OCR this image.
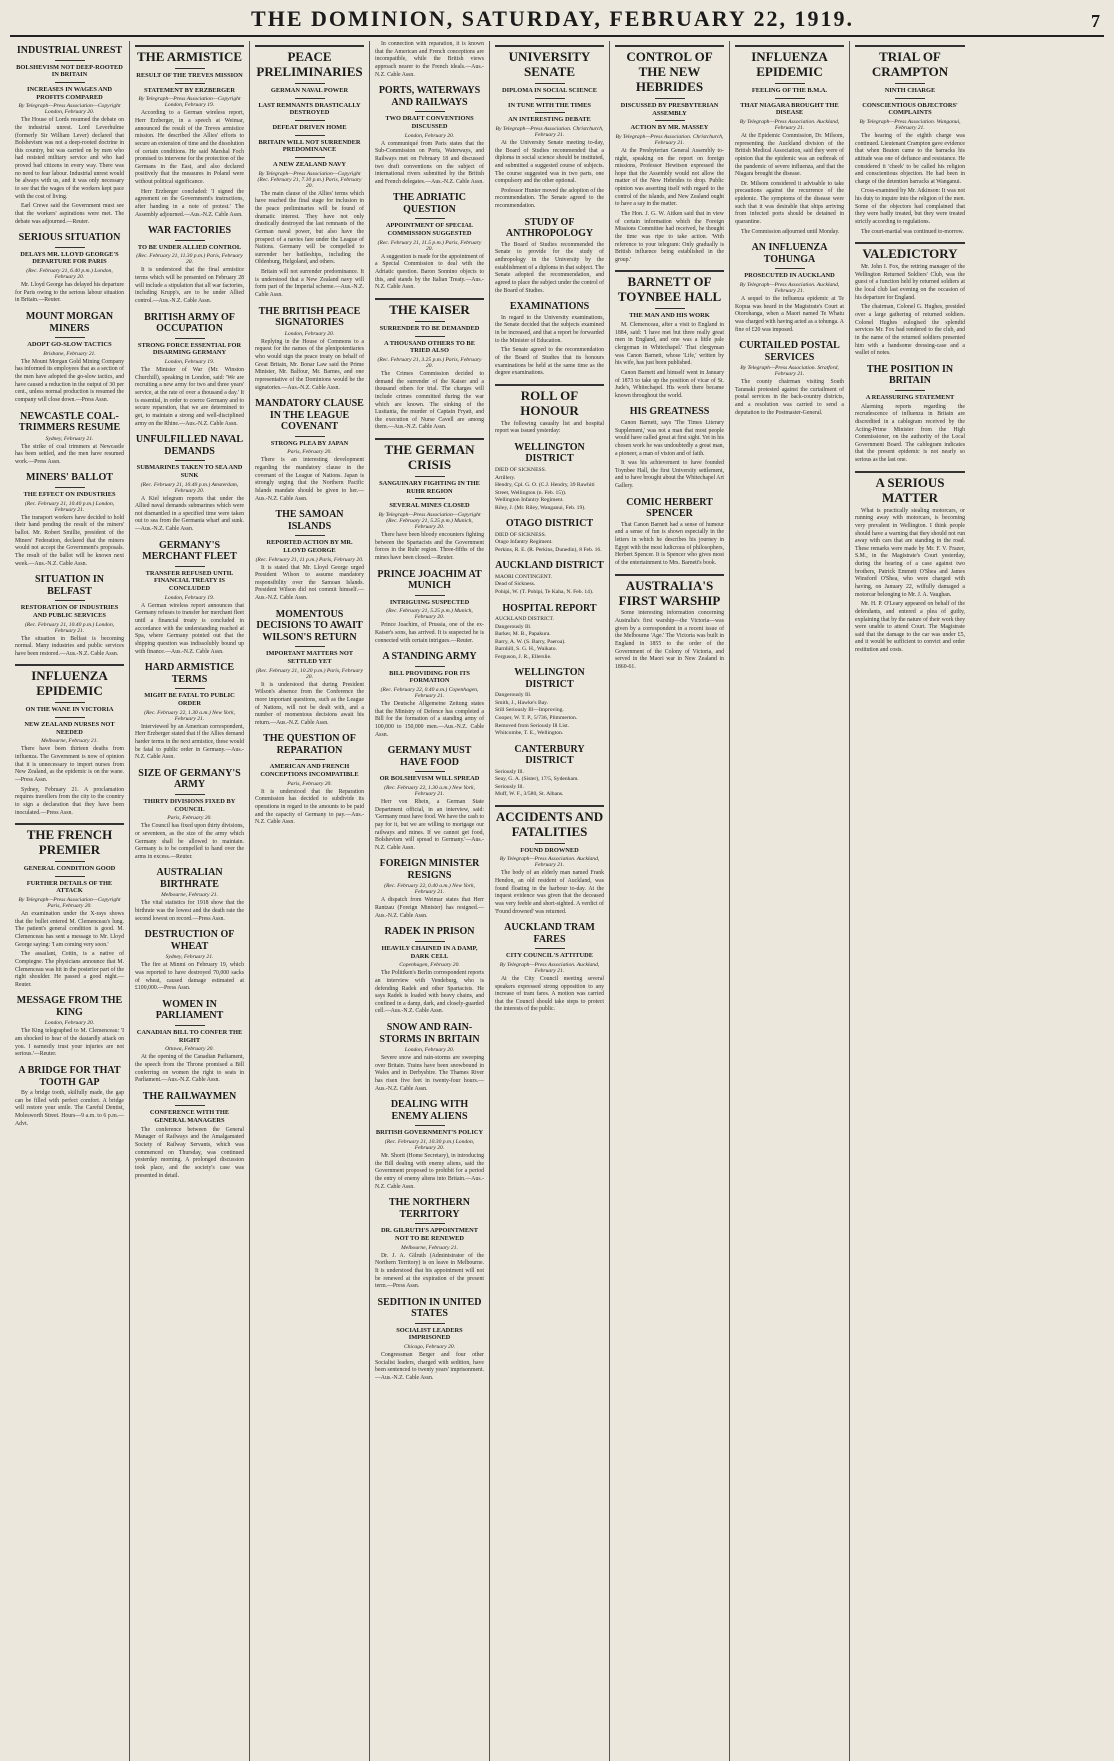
THE DOMINION, SATURDAY, FEBRUARY 22, 1919.	7
INDUSTRIAL UNREST
BOLSHEVISM NOT DEEP-ROOTED IN BRITAIN
INCREASES IN WAGES AND PROFITS COMPARED
By Telegraph—Press Association—Copyright London, February 20.

The House of Lords resumed the debate on the industrial unrest. Lord Leverhulme (formerly Sir William Lever) declared that Bolshevism was not a deep-rooted doctrine in this country, but was carried on by men who had resisted military service and who had proved bad citizens in every way. There was no need to fear labour. Industrial unrest would be always with us, and it was only necessary to see that the wages of the workers kept pace with the cost of living.

Earl Crewe said the Government must see that the workers' aspirations were met. The debate was adjourned.—Reuter.

SERIOUS SITUATION
DELAYS MR. LLOYD GEORGE'S DEPARTURE FOR PARIS
(Rec. February 21, 6.40 p.m.) London, February 20.

Mr. Lloyd George has delayed his departure for Paris owing to the serious labour situation in Britain.—Reuter.

MOUNT MORGAN MINERS
ADOPT GO-SLOW TACTICS
Brisbane, February 21.

The Mount Morgan Gold Mining Company has informed its employees that as a section of the men have adopted the go-slow tactics, and have caused a reduction in the output of 30 per cent., unless normal production is resumed the company will close down.—Press Assn.

NEWCASTLE COAL-TRIMMERS RESUME
Sydney, February 21.

The strike of coal trimmers at Newcastle has been settled, and the men have resumed work.—Press Assn.

MINERS' BALLOT
THE EFFECT ON INDUSTRIES
(Rec. February 21, 10.40 p.m.) London, February 21.

The transport workers have decided to hold their hand pending the result of the miners' ballot. Mr. Robert Smillie, president of the Miners' Federation, declared that the miners would not accept the Government's proposals. The result of the ballot will be known next week.—Aus.-N.Z. Cable Assn.

SITUATION IN BELFAST
RESTORATION OF INDUSTRIES AND PUBLIC SERVICES
(Rec. February 21, 10.40 p.m.) London, February 21.

The situation in Belfast is becoming normal. Many industries and public services have been restored.—Aus.-N.Z. Cable Assn.

INFLUENZA EPIDEMIC
ON THE WANE IN VICTORIA
NEW ZEALAND NURSES NOT NEEDED
Melbourne, February 21.

There have been thirteen deaths from influenza. The Government is now of opinion that it is unnecessary to import nurses from New Zealand, as the epidemic is on the wane.—Press Assn.

Sydney, February 21. A proclamation requires travellers from the city to the country to sign a declaration that they have been inoculated.—Press Assn.

THE FRENCH PREMIER
GENERAL CONDITION GOOD
FURTHER DETAILS OF THE ATTACK
By Telegraph—Press Association—Copyright Paris, February 20.

An examination under the X-rays shows that the bullet entered M. Clemenceau's lung. The patient's general condition is good. M. Clemenceau has sent a message to Mr. Lloyd George saying: 'I am coming very soon.'

The assailant, Cottin, is a native of Compiegne. The physicians announce that M. Clemenceau was hit in the posterior part of the right shoulder. He passed a good night.—Reuter.

MESSAGE FROM THE KING
London, February 20.

The King telegraphed to M. Clemenceau: 'I am shocked to hear of the dastardly attack on you. I earnestly trust your injuries are not serious.'—Reuter.

A BRIDGE FOR THAT TOOTH GAP

By a bridge tooth, skilfully made, the gap can be filled with perfect comfort. A bridge will restore your smile. The Careful Dentist, Molesworth Street. Hours—9 a.m. to 6 p.m.—Advt.

THE ARMISTICE
RESULT OF THE TREVES MISSION
STATEMENT BY ERZBERGER
By Telegraph—Press Association—Copyright London, February 19.

According to a German wireless report, Herr Erzberger, in a speech at Weimar, announced the result of the Treves armistice mission. He described the Allies' efforts to secure an extension of time and the dissolution of certain conditions. He said Marshal Foch promised to intervene for the protection of the Germans in the East, and also declared positively that the measures in Poland were without political significance.

Herr Erzberger concluded: 'I signed the agreement on the Government's instructions, after handing in a note of protest.' The Assembly adjourned.—Aus.-N.Z. Cable Assn.

WAR FACTORIES
TO BE UNDER ALLIED CONTROL
(Rec. February 21, 11.30 p.m.) Paris, February 20.

It is understood that the final armistice terms which will be presented on February 28 will include a stipulation that all war factories, including Krupp's, are to be under Allied control.—Aus.-N.Z. Cable Assn.

BRITISH ARMY OF OCCUPATION
STRONG FORCE ESSENTIAL FOR DISARMING GERMANY
London, February 19.

The Minister of War (Mr. Winston Churchill), speaking in London, said: 'We are recruiting a new army for two and three years' service, at the rate of over a thousand a day.' It is essential, in order to coerce Germany and to secure reparation, that we are determined to get, to maintain a strong and well-disciplined army on the Rhine.—Aus.-N.Z. Cable Assn.

UNFULFILLED NAVAL DEMANDS
SUBMARINES TAKEN TO SEA AND SUNK
(Rec. February 21, 10.40 p.m.) Amsterdam, February 20.

A Kiel telegram reports that under the Allied naval demands submarines which were not dismantled in a specified time were taken out to sea from the Germania wharf and sunk.—Aus.-N.Z. Cable Assn.

GERMANY'S MERCHANT FLEET
TRANSFER REFUSED UNTIL FINANCIAL TREATY IS CONCLUDED
London, February 19.

A German wireless report announces that Germany refuses to transfer her merchant fleet until a financial treaty is concluded in accordance with the understanding reached at Spa, where Germany pointed out that the shipping question was indissolubly bound up with finance.—Aus.-N.Z. Cable Assn.

HARD ARMISTICE TERMS
MIGHT BE FATAL TO PUBLIC ORDER
(Rec. February 22, 1.30 a.m.) New York, February 21.

Interviewed by an American correspondent, Herr Erzberger stated that if the Allies demand harder terms in the next armistice, these would be fatal to public order in Germany.—Aus.-N.Z. Cable Assn.

SIZE OF GERMANY'S ARMY
THIRTY DIVISIONS FIXED BY COUNCIL
Paris, February 20.

The Council has fixed upon thirty divisions, or seventeen, as the size of the army which Germany shall be allowed to maintain. Germany is to be compelled to hand over the arms in excess.—Reuter.

AUSTRALIAN BIRTHRATE
Melbourne, February 21.

The vital statistics for 1918 show that the birthrate was the lowest and the death rate the second lowest on record.—Press Assn.

DESTRUCTION OF WHEAT
Sydney, February 21.

The fire at Minmi on February 19, which was reported to have destroyed 70,000 sacks of wheat, caused damage estimated at £100,000.—Press Assn.

WOMEN IN PARLIAMENT
CANADIAN BILL TO CONFER THE RIGHT
Ottawa, February 20.

At the opening of the Canadian Parliament, the speech from the Throne promised a Bill conferring on women the right to seats in Parliament.—Aus.-N.Z. Cable Assn.

THE RAILWAYMEN
CONFERENCE WITH THE GENERAL MANAGERS

The conference between the General Manager of Railways and the Amalgamated Society of Railway Servants, which was commenced on Thursday, was continued yesterday morning. A prolonged discussion took place, and the society's case was presented in detail.

PEACE PRELIMINARIES
GERMAN NAVAL POWER
LAST REMNANTS DRASTICALLY DESTROYED
DEFEAT DRIVEN HOME
BRITAIN WILL NOT SURRENDER PREDOMINANCE
A NEW ZEALAND NAVY
By Telegraph—Press Association—Copyright (Rec. February 21, 7.10 p.m.) Paris, February 20.

The main clause of the Allies' terms which have reached the final stage for inclusion in the peace preliminaries will be found of dramatic interest. They have not only drastically destroyed the last remnants of the German naval power, but also have the prospect of a navies fare under the League of Nations. Germany will be compelled to surrender her battleships, including the Oldenburg, Helgoland, and others.

Britain will not surrender predominance. It is understood that a New Zealand navy will form part of the Imperial scheme.—Aus.-N.Z. Cable Assn.

THE BRITISH PEACE SIGNATORIES
London, February 20.

Replying in the House of Commons to a request for the names of the plenipotentiaries who would sign the peace treaty on behalf of Great Britain, Mr. Bonar Law said the Prime Minister, Mr. Balfour, Mr. Barnes, and one representative of the Dominions would be the signatories.—Aus.-N.Z. Cable Assn.

MANDATORY CLAUSE IN THE LEAGUE COVENANT
STRONG PLEA BY JAPAN
Paris, February 20.

There is an interesting development regarding the mandatory clause in the covenant of the League of Nations. Japan is strongly urging that the Northern Pacific Islands mandate should be given to her.—Aus.-N.Z. Cable Assn.

THE SAMOAN ISLANDS
REPORTED ACTION BY MR. LLOYD GEORGE
(Rec. February 21, 11 p.m.) Paris, February 20.

It is stated that Mr. Lloyd George urged President Wilson to assume mandatory responsibility over the Samoan Islands. President Wilson did not commit himself.—Aus.-N.Z. Cable Assn.

MOMENTOUS DECISIONS TO AWAIT WILSON'S RETURN
IMPORTANT MATTERS NOT SETTLED YET
(Rec. February 21, 10.20 p.m.) Paris, February 20.

It is understood that during President Wilson's absence from the Conference the more important questions, such as the League of Nations, will not be dealt with, and a number of momentous decisions await his return.—Aus.-N.Z. Cable Assn.

THE QUESTION OF REPARATION
AMERICAN AND FRENCH CONCEPTIONS INCOMPATIBLE
Paris, February 20.

It is understood that the Reparation Commission has decided to subdivide its operations in regard to the amounts to be paid and the capacity of Germany to pay.—Aus.-N.Z. Cable Assn.

In connection with reparation, it is known that the American and French conceptions are incompatible, while the British views approach nearer to the French ideals.—Aus.-N.Z. Cable Assn.

PORTS, WATERWAYS AND RAILWAYS
TWO DRAFT CONVENTIONS DISCUSSED
London, February 20.

A communiqué from Paris states that the Sub-Commission on Ports, Waterways, and Railways met on February 18 and discussed two draft conventions on the subject of international rivers submitted by the British and French delegates.—Aus.-N.Z. Cable Assn.

THE ADRIATIC QUESTION
APPOINTMENT OF SPECIAL COMMISSION SUGGESTED
(Rec. February 21, 11.5 p.m.) Paris, February 20.

A suggestion is made for the appointment of a Special Commission to deal with the Adriatic question. Baron Sonnino objects to this, and stands by the Italian Treaty.—Aus.-N.Z. Cable Assn.

THE KAISER
SURRENDER TO BE DEMANDED
A THOUSAND OTHERS TO BE TRIED ALSO
(Rec. February 21, 3.25 p.m.) Paris, February 20.

The Crimes Commission decided to demand the surrender of the Kaiser and a thousand others for trial. The charges will include crimes committed during the war which are known. The sinking of the Lusitania, the murder of Captain Fryatt, and the execution of Nurse Cavell are among them.—Aus.-N.Z. Cable Assn.

THE GERMAN CRISIS
SANGUINARY FIGHTING IN THE RUHR REGION
SEVERAL MINES CLOSED
By Telegraph—Press Association—Copyright (Rec. February 21, 5.25 p.m.) Munich, February 20.

There have been bloody encounters fighting between the Spartacists and the Government forces in the Ruhr region. Three-fifths of the mines have been closed.—Reuter.

PRINCE JOACHIM AT MUNICH
INTRIGUING SUSPECTED
(Rec. February 21, 5.25 p.m.) Munich, February 20.

Prince Joachim, of Prussia, one of the ex-Kaiser's sons, has arrived. It is suspected he is connected with certain intrigues.—Reuter.

A STANDING ARMY
BILL PROVIDING FOR ITS FORMATION
(Rec. February 22, 0.40 a.m.) Copenhagen, February 21.

The Deutsche Allgemeine Zeitung states that the Ministry of Defence has completed a Bill for the formation of a standing army of 100,000 to 150,000 men.—Aus.-N.Z. Cable Assn.

GERMANY MUST HAVE FOOD
OR BOLSHEVISM WILL SPREAD
(Rec. February 22, 1.30 a.m.) New York, February 21.

Herr von Rhein, a German State Department official, in an interview, said: 'Germany must have food. We have the cash to pay for it, but we are willing to mortgage our railways and mines. If we cannot get food, Bolshevism will spread to Germany.'—Aus.-N.Z. Cable Assn.

FOREIGN MINISTER RESIGNS
(Rec. February 22, 0.40 a.m.) New York, February 21.

A dispatch from Weimar states that Herr Rantzau (Foreign Minister) has resigned.—Aus.-N.Z. Cable Assn.

RADEK IN PRISON
HEAVILY CHAINED IN A DAMP, DARK CELL
Copenhagen, February 20.

The Politiken's Berlin correspondent reports an interview with Vendeburg, who is defending Radek and other Spartacists. He says Radek is loaded with heavy chains, and confined in a damp, dark, and closely-guarded cell.—Aus.-N.Z. Cable Assn.

SNOW AND RAIN-STORMS IN BRITAIN
London, February 20.

Severe snow and rain-storms are sweeping over Britain. Trains have been snowbound in Wales and in Derbyshire. The Thames River has risen five feet in twenty-four hours.—Aus.-N.Z. Cable Assn.

DEALING WITH ENEMY ALIENS
BRITISH GOVERNMENT'S POLICY
(Rec. February 21, 10.30 p.m.) London, February 20.

Mr. Shortt (Home Secretary), in introducing the Bill dealing with enemy aliens, said the Government proposed to prohibit for a period the entry of enemy aliens into Britain.—Aus.-N.Z. Cable Assn.

THE NORTHERN TERRITORY
DR. GILRUTH'S APPOINTMENT NOT TO BE RENEWED
Melbourne, February 21.

Dr. J. A. Gilruth (Administrator of the Northern Territory) is on leave in Melbourne. It is understood that his appointment will not be renewed at the expiration of the present term.—Press Assn.

SEDITION IN UNITED STATES
SOCIALIST LEADERS IMPRISONED
Chicago, February 20.

Congressman Berger and four other Socialist leaders, charged with sedition, have been sentenced to twenty years' imprisonment.—Aus.-N.Z. Cable Assn.

UNIVERSITY SENATE
DIPLOMA IN SOCIAL SCIENCE
IN TUNE WITH THE TIMES
AN INTERESTING DEBATE
By Telegraph—Press Association. Christchurch, February 21.

At the University Senate meeting to-day, the Board of Studies recommended that a diploma in social science should be instituted, and submitted a suggested course of subjects. The course suggested was in two parts, one compulsory and the other optional.

Professor Hunter moved the adoption of the recommendation. The Senate agreed to the recommendation.

STUDY OF ANTHROPOLOGY

The Board of Studies recommended the Senate to provide for the study of anthropology in the University by the establishment of a diploma in that subject. The Senate adopted the recommendation, and agreed to place the subject under the control of the Board of Studies.

EXAMINATIONS

In regard to the University examinations, the Senate decided that the subjects examined in be increased, and that a report be forwarded to the Minister of Education.

The Senate agreed to the recommendation of the Board of Studies that its honours examinations be held at the same time as the degree examinations.

ROLL OF HONOUR

The following casualty list and hospital report was issued yesterday:

WELLINGTON DISTRICT
DIED OF SICKNESS.
Artillery.
Hendry, Cpl. G. O. (C.J. Hendry, 39 Rawhiti Street, Wellington (n. Feb. 15)).
Wellington Infantry Regiment.
Riley, J. (Mr. Riley, Wanganui, Feb. 19).
OTAGO DISTRICT
DIED OF SICKNESS.
Otago Infantry Regiment.
Perkins, R. E. (R. Perkins, Dunedin), 8 Feb. 16.
AUCKLAND DISTRICT
MAORI CONTINGENT.
Dead of Sickness.
Pohipi, W. (T. Pohipi, Te Kaha, N. Feb. 14).
HOSPITAL REPORT
AUCKLAND DISTRICT.
Dangerously Ill.
Barker, M. B., Papakura.
Barry, A. W. (S. Barry, Paeroa).
Barnhill, S. G. H., Waikato.
Ferguson, J. R., Ellerslie.
WELLINGTON DISTRICT
Dangerously Ill.
Smith, J., Hawke's Bay.
Still Seriously Ill—Improving.
Cooper, W. T. P., 5/736, Plimmerton.
Removed from Seriously Ill List.
Whitcombe, T. E., Wellington.
CANTERBURY DISTRICT
Seriously Ill.
Seay, G. A. (Sister), 17/5, Sydenham.
Seriously Ill.
Muff, W. F., 3/580, St. Albans.
ACCIDENTS AND FATALITIES
FOUND DROWNED
By Telegraph—Press Association. Auckland, February 21.

The body of an elderly man named Frank Hendon, an old resident of Auckland, was found floating in the harbour to-day. At the inquest evidence was given that the deceased was very feeble and short-sighted. A verdict of 'Found drowned' was returned.

AUCKLAND TRAM FARES
CITY COUNCIL'S ATTITUDE
By Telegraph—Press Association. Auckland, February 21.

At the City Council meeting several speakers expressed strong opposition to any increase of tram fares. A motion was carried that the Council should take steps to protect the interests of the public.

CONTROL OF THE NEW HEBRIDES
DISCUSSED BY PRESBYTERIAN ASSEMBLY
ACTION BY MR. MASSEY
By Telegraph—Press Association. Christchurch, February 21.

At the Presbyterian General Assembly to-night, speaking on the report on foreign missions, Professor Hewitson expressed the hope that the Assembly would not allow the matter of the New Hebrides to drop. Public opinion was asserting itself with regard to the control of the islands, and New Zealand ought to have a say in the matter.

The Hon. J. G. W. Aitken said that in view of certain information which the Foreign Missions Committee had received, he thought the time was ripe to take action. 'With reference to your telegram: Only gradually is British influence being established in the group.'

BARNETT OF TOYNBEE HALL
THE MAN AND HIS WORK

M. Clemenceau, after a visit to England in 1884, said: 'I have met but three really great men in England, and one was a little pale clergyman in Whitechapel.' That clergyman was Canon Barnett, whose 'Life,' written by his wife, has just been published.

Canon Barnett and himself went in January of 1873 to take up the position of vicar of St. Jude's, Whitechapel. His work there became known throughout the world.

HIS GREATNESS

Canon Barnett, says 'The Times Literary Supplement,' was not a man that most people would have called great at first sight. Yet in his chosen work he was undoubtedly a great man, a pioneer, a man of vision and of faith.

It was his achievement to have founded Toynbee Hall, the first University settlement, and to have brought about the Whitechapel Art Gallery.

COMIC HERBERT SPENCER

That Canon Barnett had a sense of humour and a sense of fun is shown especially in the letters in which he describes his journey in Egypt with the most ludicrous of philosophers, Herbert Spencer. It is Spencer who gives most of the entertainment to Mrs. Barnett's book.

AUSTRALIA'S FIRST WARSHIP

Some interesting information concerning Australia's first warship—the Victoria—was given by a correspondent in a recent issue of the Melbourne 'Age.' The Victoria was built in England in 1855 to the order of the Government of the Colony of Victoria, and served in the Maori war in New Zealand in 1860-61.

INFLUENZA EPIDEMIC
FEELING OF THE B.M.A.
THAT NIAGARA BROUGHT THE DISEASE
By Telegraph—Press Association. Auckland, February 21.

At the Epidemic Commission, Dr. Milsom, representing the Auckland division of the British Medical Association, said they were of opinion that the epidemic was an outbreak of the pandemic of severe influenza, and that the Niagara brought the disease.

Dr. Milsom considered it advisable to take precautions against the recurrence of the epidemic. The symptoms of the disease were such that it was desirable that ships arriving from infected ports should be detained in quarantine.

The Commission adjourned until Monday.

AN INFLUENZA TOHUNGA
PROSECUTED IN AUCKLAND
By Telegraph—Press Association. Auckland, February 21.

A sequel to the influenza epidemic at Te Kopua was heard in the Magistrate's Court at Otorohanga, when a Maori named Te Whatu was charged with having acted as a tohunga. A fine of £20 was imposed.

CURTAILED POSTAL SERVICES
By Telegraph—Press Association. Stratford, February 21.

The county chairman visiting South Taranaki protested against the curtailment of postal services in the back-country districts, and a resolution was carried to send a deputation to the Postmaster-General.

TRIAL OF CRAMPTON
NINTH CHARGE
CONSCIENTIOUS OBJECTORS' COMPLAINTS
By Telegraph—Press Association. Wanganui, February 21.

The hearing of the eighth charge was continued. Lieutenant Crampton gave evidence that when Beaton came to the barracks his attitude was one of defiance and resistance. He considered it 'cheek' to be called his religion and conscientious objection. He had been in charge of the detention barracks at Wanganui.

Cross-examined by Mr. Atkinson: It was not his duty to inquire into the religion of the men. Some of the objectors had complained that they were badly treated, but they were treated strictly according to regulations.

The court-martial was continued to-morrow.

VALEDICTORY

Mr. John I. Fox, the retiring manager of the Wellington Returned Soldiers' Club, was the guest of a function held by returned soldiers at the local club last evening on the occasion of his departure for England.

The chairman, Colonel G. Hughes, presided over a large gathering of returned soldiers. Colonel Hughes eulogised the splendid services Mr. Fox had rendered to the club, and in the name of the returned soldiers presented him with a handsome dressing-case and a wallet of notes.

THE POSITION IN BRITAIN
A REASSURING STATEMENT

Alarming reports regarding the recrudescence of influenza in Britain are discredited in a cablegram received by the Acting-Prime Minister from the High Commissioner, on the authority of the Local Government Board. The cablegram indicates that the present epidemic is not nearly so serious as the last one.

A SERIOUS MATTER

What is practically stealing motorcars, or running away with motorcars, is becoming very prevalent in Wellington. I think people should have a warning that they should not run away with cars that are standing in the road. These remarks were made by Mr. F. V. Frazer, S.M., in the Magistrate's Court yesterday, during the hearing of a case against two brothers, Patrick Emmett O'Shea and James Winsford O'Shea, who were charged with having, on January 22, wilfully damaged a motorcar belonging to Mr. J. A. Vaughan.

Mr. H. P. O'Leary appeared on behalf of the defendants, and entered a plea of guilty, explaining that by the nature of their work they were unable to attend Court. The Magistrate said that the damage to the car was under £5, and it would be sufficient to convict and order restitution and costs.
